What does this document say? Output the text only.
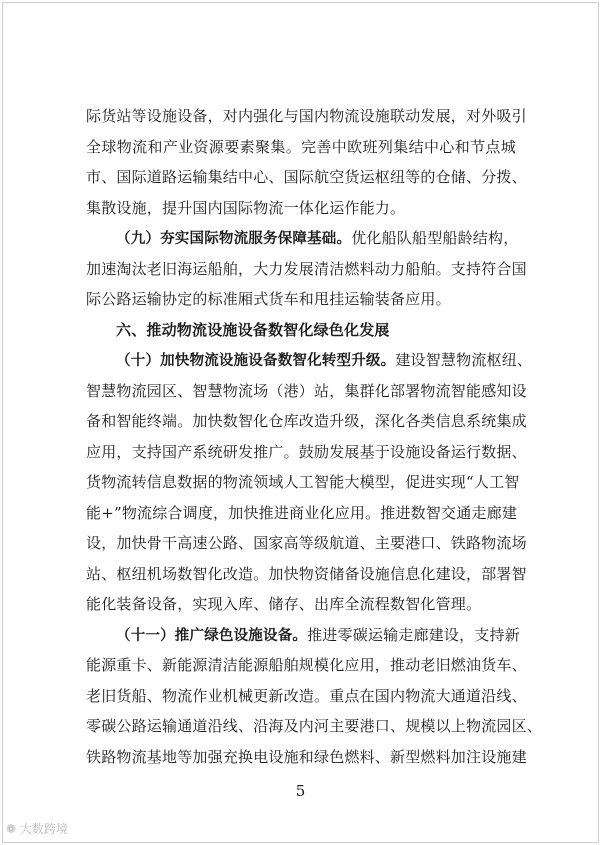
际货站等设施设备，对内强化与国内物流设施联动发展，对外吸引
全球物流和产业资源要素聚集。完善中欧班列集结中心和节点城
市、国际道路运输集结中心、国际航空货运枢纽等的仓储、分拨、
集散设施，提升国内国际物流一体化运作能力。
（九）夯实国际物流服务保障基础。优化船队船型船龄结构，
加速淘汰老旧海运船舶，大力发展清洁燃料动力船舶。支持符合国
际公路运输协定的标准厢式货车和甩挂运输装备应用。
六、推动物流设施设备数智化绿色化发展
（十）加快物流设施设备数智化转型升级。建设智慧物流枢纽、
智慧物流园区、智慧物流场（港）站，集群化部署物流智能感知设
备和智能终端。加快数智化仓库改造升级，深化各类信息系统集成
应用，支持国产系统研发推广。鼓励发展基于设施设备运行数据、
货物流转信息数据的物流领域人工智能大模型，促进实现“人工智
能+”物流综合调度，加快推进商业化应用。推进数智交通走廊建
设，加快骨干高速公路、国家高等级航道、主要港口、铁路物流场
站、枢纽机场数智化改造。加快物资储备设施信息化建设，部署智
能化装备设备，实现入库、储存、出库全流程数智化管理。
（十一）推广绿色设施设备。推进零碳运输走廊建设，支持新
能源重卡、新能源清洁能源船舶规模化应用，推动老旧燃油货车、
老旧货船、物流作业机械更新改造。重点在国内物流大通道沿线、
零碳公路运输通道沿线、沿海及内河主要港口、规模以上物流园区、
铁路物流基地等加强充换电设施和绿色燃料、新型燃料加注设施建
5
❁ 大数跨境
